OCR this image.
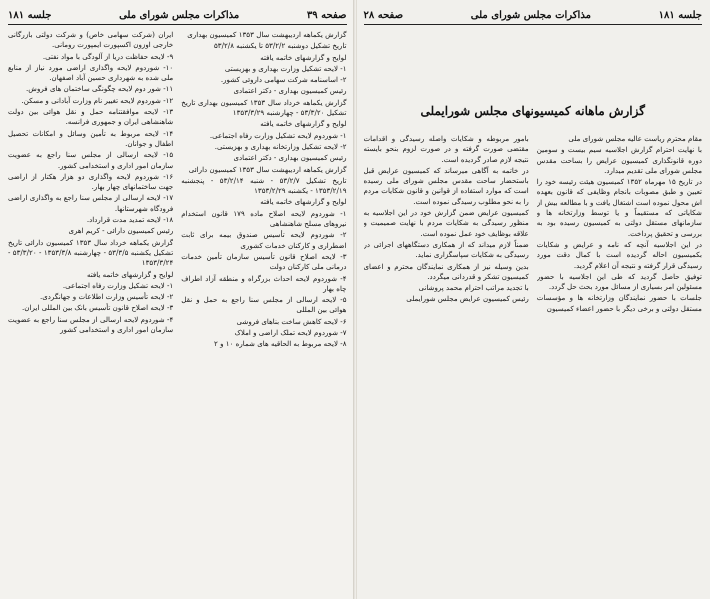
صفحه ۳۹
مذاکرات مجلس شورای ملی
جلسه ۱۸۱

گزارش یکماهه اردیبهشت سال ۱۳۵۳ کمیسیون بهداری

تاریخ تشکیل دوشنبه ۵۳/۲/۲ تا یکشنبه ۵۳/۲/۸

لوایح و گزارشهای خاتمه یافته

۱- لایحه تشکیل وزارت بهداری و بهزیستی

۲- اساسنامه شرکت سهامی داروئی کشور.

رئیس کمیسیون بهداری - دکتر اعتمادی

گزارش یکماهه خرداد سال ۱۳۵۳ کمیسیون بهداری تاریخ تشکیل ۵۳/۳/۲۰ - چهارشنبه ۱۳۵۳/۳/۲۹

لوایح و گزارشهای خاتمه یافته

۱- شوردوم لایحه تشکیل وزارت رفاه اجتماعی.

۲- لایحه تشکیل وزارتخانه بهداری و بهزیستی.

رئیس کمیسیون بهداری - دکتر اعتمادی

گزارش یکماهه اردیبهشت سال ۱۳۵۳ کمیسیون دارائی

تاریخ تشکیل ۵۳/۲/۷ - شنبه ۵۳/۲/۱۴ - پنجشنبه ۱۳۵۳/۲/۱۹ - یکشنبه ۱۳۵۳/۲/۲۹

لوایح و گزارشهای خاتمه یافته

۱- شوردوم لایحه اصلاح ماده ۱۷۹ قانون استخدام نیروهای مسلح شاهنشاهی

۲- شوردوم لایحه تأسیس صندوق بیمه برای ثابت اضطراری و کارکنان خدمات کشوری

۳- لایحه اصلاح قانون تأسیس سازمان تأمین خدمات درمانی ملی کارکنان دولت

۴- شوردوم لایحه احداث بزرگراه و منطقه آزاد اطراف چاه بهار

۵- لایحه ارسالی از مجلس سنا راجع به حمل و نقل هوائی بین المللی

۶- لایحه کاهش ساخت بناهای فروشی

۷- شوردوم لایحه تملک اراضی و املاک

۸- لایحه مربوط به الحاقیه های شماره ۱۰ و ۲

ایران (شرکت سهامی خاص) و شرکت دولتی بازرگانی خارجی اوزون اکسپورت ایمپورت رومانی.

۹- لایحه حفاظت دریا از آلودگی با مواد نفتی.

۱۰- شوردوم لایحه واگذاری اراضی مورد نیاز از منابع ملی شده به شهرداری حسین آباد اصفهان.

۱۱- شور دوم لایحه چگونگی ساختمان های فروش.

۱۲- شوردوم لایحه تغییر نام وزارت آبادانی و مسکن.

۱۳- لایحه موافقتنامه حمل و نقل هوائی بین دولت شاهنشاهی ایران و جمهوری فرانسه.

۱۴- لایحه مربوط به تأمین وسائل و امکانات تحصیل اطفال و جوانان.

۱۵- لایحه ارسالی از مجلس سنا راجع به عضویت سازمان امور اداری و استخدامی کشور.

۱۶- شوردوم لایحه واگذاری دو هزار هکتار از اراضی جهت ساختمانهای چهار بهار.

۱۷- لایحه ارسالی از مجلس سنا راجع به واگذاری اراضی فرودگاه شهرستانها.

۱۸- لایحه تمدید مدت قرارداد.

رئیس کمیسیون دارائی - کریم اهری

گزارش یکماهه خرداد سال ۱۳۵۳ کمیسیون دارائی تاریخ تشکیل یکشنبه ۵۳/۳/۵ - چهارشنبه ۱۳۵۳/۳/۸ - ۵۳/۳/۲۰ - ۱۳۵۳/۳/۲۴

لوایح و گزارشهای خاتمه یافته

۱- لایحه تشکیل وزارت رفاه اجتماعی.

۲- لایحه تأسیس وزارت اطلاعات و جهانگردی.

۳- لایحه اصلاح قانون تأسیس بانک بین المللی ایران.

۴- شوردوم لایحه ارسالی از مجلس سنا راجع به عضویت سازمان امور اداری و استخدامی کشور

جلسه ۱۸۱
مذاکرات مجلس شورای ملی
صفحه ۲۸
گزارش ماهانه کمیسیونهای مجلس شورایملی

مقام محترم ریاست عالیه مجلس شورای ملی

با نهایت احترام گزارش اجلاسیه سیم بیست و سومین دوره قانونگذاری کمیسیون عرایض را بساحت مقدس مجلس شورای ملی تقدیم میدارد.

در تاریخ ۱۵ مهرماه ۱۳۵۲ کمیسیون هیئت رئیسه خود را تعیین و طبق مصوبات بانجام وظایفی که قانون بعهده اش محول نموده است اشتغال یافت و با مطالعه بیش از شکایاتی که مستقیماً و یا توسط وزارتخانه ها و سازمانهای مستقل دولتی به کمیسیون رسیده بود به بررسی و تحقیق پرداخت.

در این اجلاسیه آنچه که نامه و عرایض و شکایات بکمیسیون احاله گردیده است با کمال دقت مورد رسیدگی قرار گرفته و نتیجه آن اعلام گردید.

توفیق حاصل گردید که طی این اجلاسیه با حضور مسئولین امر بسیاری از مسائل مورد بحث حل گردد.

جلسات با حضور نمایندگان وزارتخانه ها و مؤسسات مستقل دولتی و برخی دیگر با حضور اعضاء کمیسیون

بامور مربوطه و شکایات واصله رسیدگی و اقدامات مقتضی صورت گرفته و در صورت لزوم بنحو بایسته نتیجه لازم صادر گردیده است.

در خاتمه به آگاهی میرساند که کمیسیون عرایض قبل باستحضار ساحت مقدس مجلس شورای ملی رسیده است که موارد استفاده از قوانین و قانون شکایات مردم را به نحو مطلوب رسیدگی نموده است.

کمیسیون عرایض ضمن گزارش خود در این اجلاسیه به منظور رسیدگی به شکایات مردم با نهایت صمیمیت و علاقه بوظایف خود عمل نموده است.

ضمناً لازم میداند که از همکاری دستگاههای اجرائی در رسیدگی به شکایات سپاسگزاری نماید.

بدین وسیله نیز از همکاری نمایندگان محترم و اعضای کمیسیون تشکر و قدردانی میگردد.

با تجدید مراتب احترام محمد پروشانی

رئیس کمیسیون عرایض مجلس شورایملی
